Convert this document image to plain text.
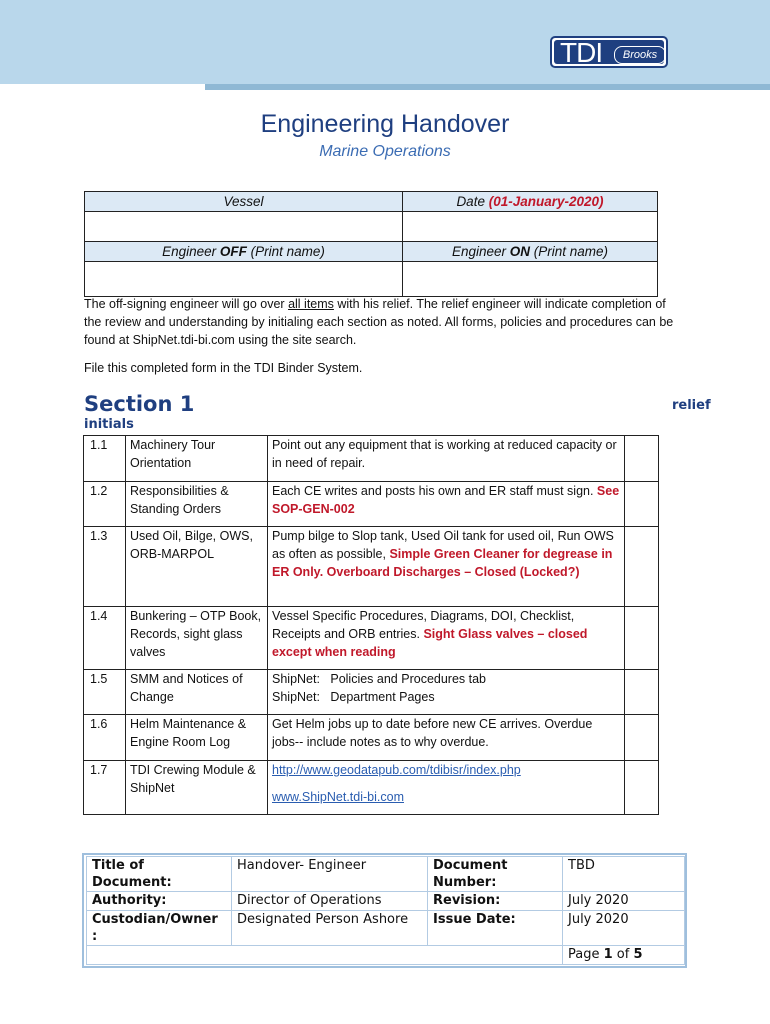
TDI	Brooks
Engineering Handover
Marine Operations
Vessel	Date (01-January-2020)

Engineer OFF (Print name)	Engineer ON (Print name)

The off-signing engineer will go over all items with his relief. The relief engineer will indicate completion of the review and understanding by initialing each section as noted. All forms, policies and procedures can be found at ShipNet.tdi-bi.com using the site search.
File this completed form in the TDI Binder System.
Section 1	relief
initials
1.1	Machinery Tour Orientation	Point out any equipment that is working at reduced capacity or in need of repair.	
1.2	Responsibilities & Standing Orders	Each CE writes and posts his own and ER staff must sign. See SOP-GEN-002	
1.3	Used Oil, Bilge, OWS, ORB-MARPOL	Pump bilge to Slop tank, Used Oil tank for used oil, Run OWS as often as possible, Simple Green Cleaner for degrease in ER Only. Overboard Discharges – Closed (Locked?)	
1.4	Bunkering – OTP Book, Records, sight glass valves	Vessel Specific Procedures, Diagrams, DOI, Checklist, Receipts and ORB entries. Sight Glass valves – closed except when reading	
1.5	SMM and Notices of Change	ShipNet:   Policies and Procedures tab
ShipNet:   Department Pages	

1.6	Helm Maintenance & Engine Room Log	Get Helm jobs up to date before new CE arrives. Overdue jobs-- include notes as to why overdue.	
1.7	TDI Crewing Module & ShipNet	http://www.geodatapub.com/tdibisr/index.php
www.ShipNet.tdi-bi.com	

Title of Document:	Handover- Engineer	Document Number:	TBD
Authority:	Director of Operations	Revision:	July 2020
Custodian/Owner :	Designated Person Ashore	Issue Date:	July 2020
			Page 1 of 5
